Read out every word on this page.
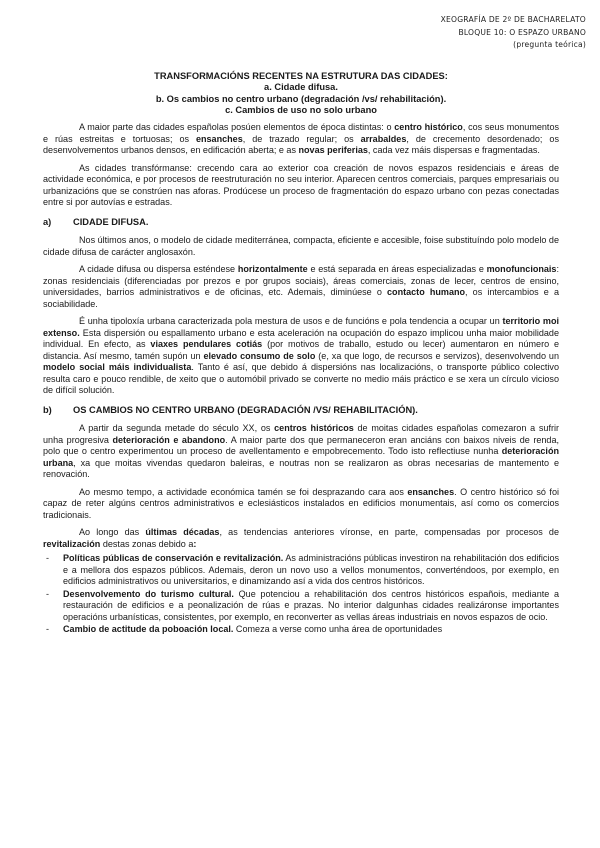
XEOGRAFÍA DE 2º DE BACHARELATO
BLOQUE 10: O ESPAZO URBANO
(pregunta teórica)
TRANSFORMACIÓNS RECENTES NA ESTRUTURA DAS CIDADES:
a. Cidade difusa.
b. Os cambios no centro urbano (degradación /vs/ rehabilitación).
c. Cambios de uso no solo urbano

A maior parte das cidades españolas posúen elementos de época distintas: o centro histórico, cos seus monumentos e rúas estreitas e tortuosas; os ensanches, de trazado regular; os arrabaldes, de crecemento desordenado; os desenvolvementos urbanos densos, en edificación aberta; e as novas periferias, cada vez máis dispersas e fragmentadas.

As cidades transfórmanse: crecendo cara ao exterior coa creación de novos espazos residenciais e áreas de actividade económica, e por procesos de reestruturación no seu interior. Aparecen centros comerciais, parques empresariais ou urbanizacións que se constrúen nas aforas. Prodúcese un proceso de fragmentación do espazo urbano con pezas conectadas entre si por autovías e estradas.

a)	CIDADE DIFUSA.

Nos últimos anos, o modelo de cidade mediterránea, compacta, eficiente e accesible, foise substituíndo polo modelo de cidade difusa de carácter anglosaxón.

A cidade difusa ou dispersa esténdese horizontalmente e está separada en áreas especializadas e monofuncionais: zonas residenciais (diferenciadas por prezos e por grupos sociais), áreas comerciais, zonas de lecer, centros de ensino, universidades, barrios administrativos e de oficinas, etc. Ademais, diminúese o contacto humano, os intercambios e a sociabilidade.

É unha tipoloxía urbana caracterizada pola mestura de usos e de funcións e pola tendencia a ocupar un territorio moi extenso. Esta dispersión ou espallamento urbano e esta aceleración na ocupación do espazo implicou unha maior mobilidade individual. En efecto, as viaxes pendulares cotiás (por motivos de traballo, estudo ou lecer) aumentaron en número e distancia. Así mesmo, tamén supón un elevado consumo de solo (e, xa que logo, de recursos e servizos), desenvolvendo un modelo social máis individualista. Tanto é así, que debido á dispersións nas localizacións, o transporte público colectivo resulta caro e pouco rendible, de xeito que o automóbil privado se converte no medio máis práctico e se xera un círculo vicioso de difícil solución.

b)	OS CAMBIOS NO CENTRO URBANO (DEGRADACIÓN /VS/ REHABILITACIÓN).

A partir da segunda metade do século XX, os centros históricos de moitas cidades españolas comezaron a sufrir unha progresiva deterioración e abandono. A maior parte dos que permaneceron eran anciáns con baixos niveis de renda, polo que o centro experimentou un proceso de avellentamento e empobrecemento. Todo isto reflectiuse nunha deterioración urbana, xa que moitas vivendas quedaron baleiras, e noutras non se realizaron as obras necesarias de mantemento e renovación.

Ao mesmo tempo, a actividade económica tamén se foi desprazando cara aos ensanches. O centro histórico só foi capaz de reter algúns centros administrativos e eclesiásticos instalados en edificios monumentais, así como os comercios tradicionais.

Ao longo das últimas décadas, as tendencias anteriores víronse, en parte, compensadas por procesos de revitalización destas zonas debido a:

- Políticas públicas de conservación e revitalización. As administracións públicas investiron na rehabilitación dos edificios e a mellora dos espazos públicos. Ademais, deron un novo uso a vellos monumentos, converténdoos, por exemplo, en edificios administrativos ou universitarios, e dinamizando así a vida dos centros históricos.
- Desenvolvemento do turismo cultural. Que potenciou a rehabilitación dos centros históricos españois, mediante a restauración de edificios e a peonalización de rúas e prazas. No interior dalgunhas cidades realizáronse importantes operacións urbanísticas, consistentes, por exemplo, en reconverter as vellas áreas industriais en novos espazos de ocio.
- Cambio de actitude da poboación local. Comeza a verse como unha área de oportunidades
